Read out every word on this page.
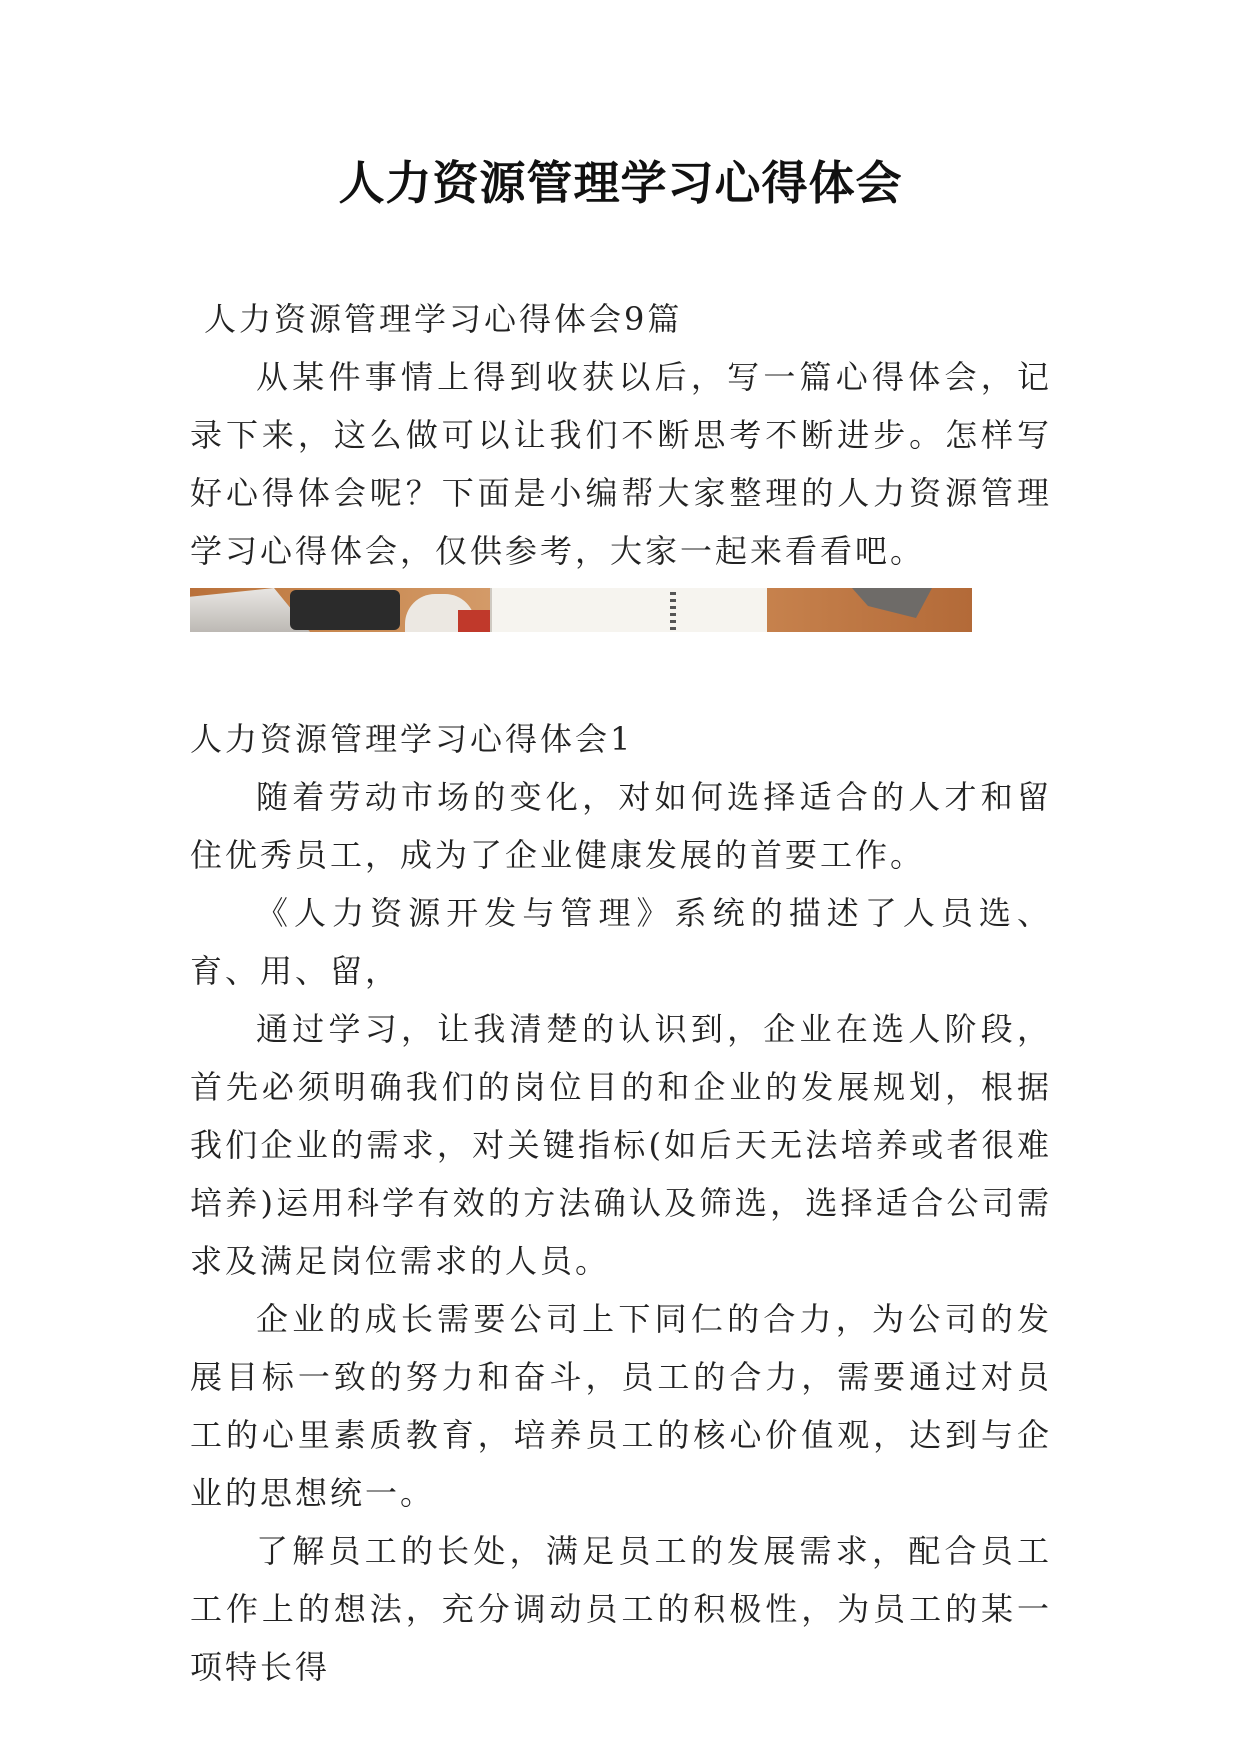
人力资源管理学习心得体会

人力资源管理学习心得体会9篇

从某件事情上得到收获以后，写一篇心得体会，记录下来，这么做可以让我们不断思考不断进步。怎样写好心得体会呢？下面是小编帮大家整理的人力资源管理学习心得体会，仅供参考，大家一起来看看吧。

人力资源管理学习心得体会1

随着劳动市场的变化，对如何选择适合的人才和留住优秀员工，成为了企业健康发展的首要工作。

《人力资源开发与管理》系统的描述了人员选、 育、用、留，

通过学习，让我清楚的认识到，企业在选人阶段，首先必须明确我们的岗位目的和企业的发展规划，根据我们企业的需求，对关键指标(如后天无法培养或者很难培养)运用科学有效的方法确认及筛选，选择适合公司需求及满足岗位需求的人员。

企业的成长需要公司上下同仁的合力，为公司的发展目标一致的努力和奋斗，员工的合力，需要通过对员工的心里素质教育，培养员工的核心价值观，达到与企业的思想统一。

了解员工的长处，满足员工的发展需求，配合员工工作上的想法，充分调动员工的积极性，为员工的某一项特长得
